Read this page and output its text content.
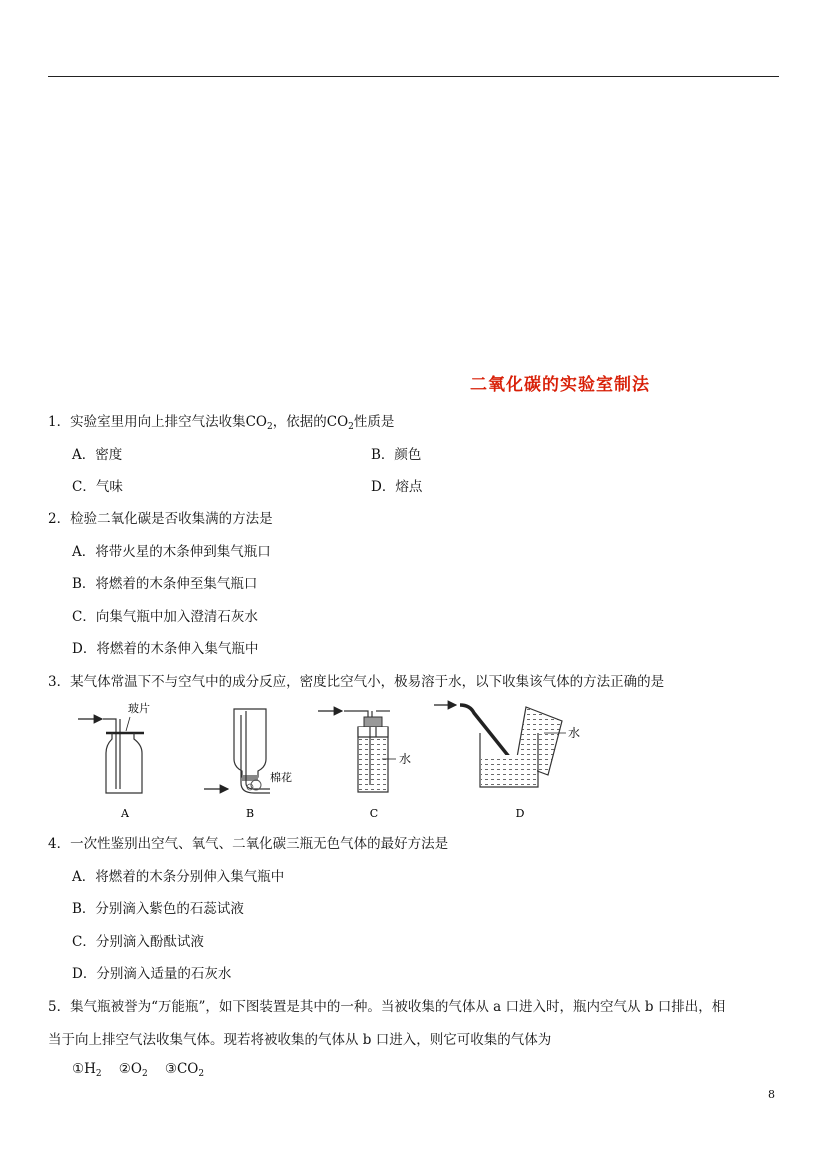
二氧化碳的实验室制法
1．实验室里用向上排空气法收集$CO_2$，依据的$CO_2$性质是
A．密度	B．颜色
C．气味	D．熔点
2．检验二氧化碳是否收集满的方法是
A．将带火星的木条伸到集气瓶口
B．将燃着的木条伸至集气瓶口
C．向集气瓶中加入澄清石灰水
D．将燃着的木条伸入集气瓶中
3．某气体常温下不与空气中的成分反应，密度比空气小，极易溶于水，以下收集该气体的方法正确的是
玻片
A
棉花
B
水
C
水
D
4．一次性鉴别出空气、氧气、二氧化碳三瓶无色气体的最好方法是
A．将燃着的木条分别伸入集气瓶中
B．分别滴入紫色的石蕊试液
C．分别滴入酚酞试液
D．分别滴入适量的石灰水
5．集气瓶被誉为“万能瓶”，如下图装置是其中的一种。当被收集的气体从 a 口进入时，瓶内空气从 b 口排出，相
当于向上排空气法收集气体。现若将被收集的气体从 b 口进入，则它可收集的气体为
$①H_2$ $②O_2$ $③CO_2$
8
